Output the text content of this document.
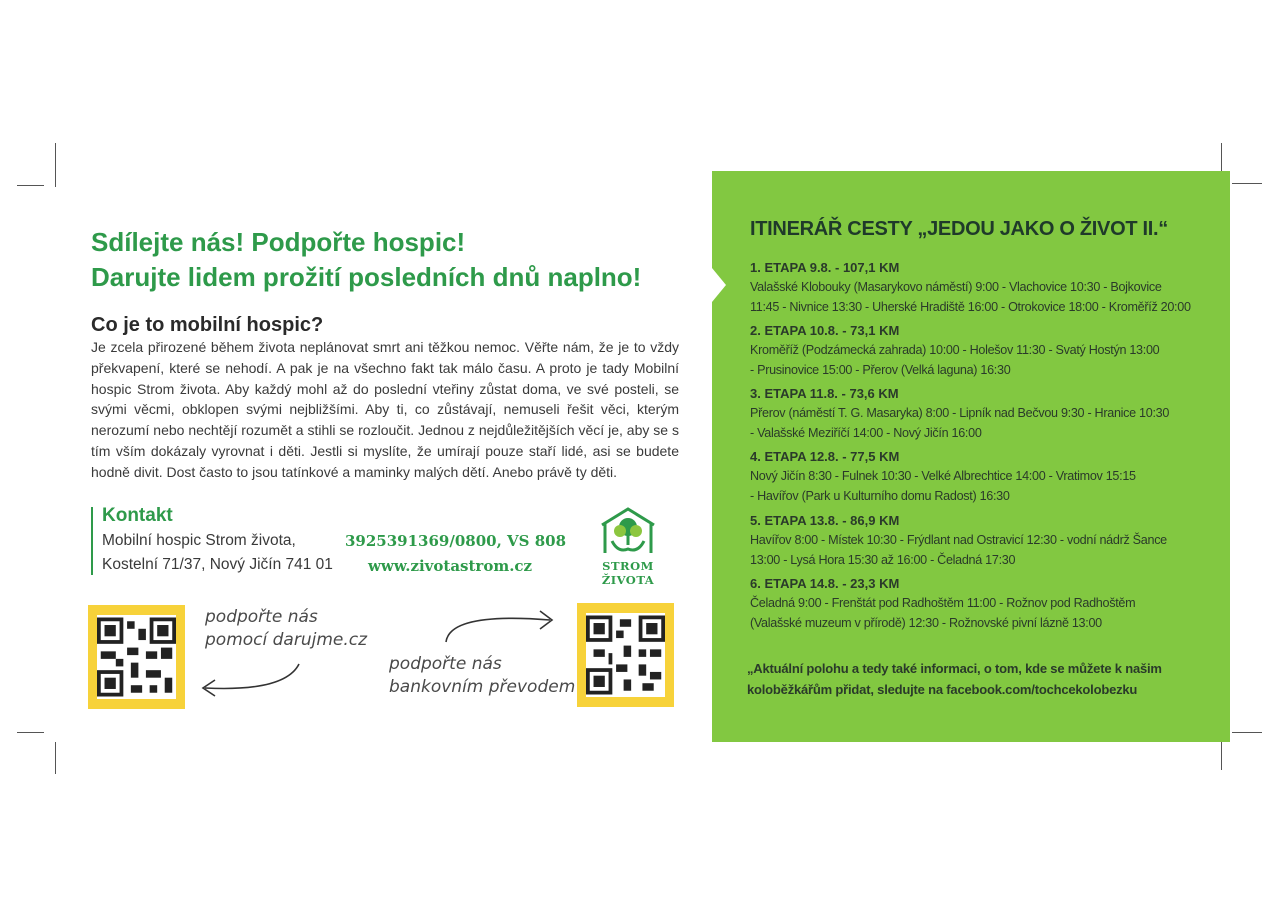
Sdílejte nás! Podpořte hospic!
Darujte lidem prožití posledních dnů naplno!
Co je to mobilní hospic?
Je zcela přirozené během života neplánovat smrt ani těžkou nemoc. Věřte nám, že je to vždy překvapení, které se nehodí. A pak je na všechno fakt tak málo času. A proto je tady Mobilní hospic Strom života. Aby každý mohl až do poslední vteřiny zůstat doma, ve své posteli, se svými věcmi, obklopen svými nejbližšími. Aby ti, co zůstávají, nemuseli řešit věci, kterým nerozumí nebo nechtějí rozumět a stihli se rozloučit. Jednou z nejdůležitějších věcí je, aby se s tím vším dokázaly vyrovnat i děti. Jestli si myslíte, že umírají pouze staří lidé, asi se budete hodně divit. Dost často to jsou tatínkové a maminky malých dětí. Anebo právě ty děti.
Kontakt
Mobilní hospic Strom života,
Kostelní 71/37, Nový Jičín 741 01
3925391369/0800, VS 808
www.zivotastrom.cz	STROM ŽIVOTA
podpořte nás
pomocí darujme.cz
podpořte nás
bankovním převodem
ITINERÁŘ CESTY „JEDOU JAKO O ŽIVOT II.“
1. ETAPA 9.8. - 107,1 KM
Valašské Klobouky (Masarykovo náměstí) 9:00 - Vlachovice 10:30 - Bojkovice
11:45 - Nivnice 13:30 - Uherské Hradiště 16:00 - Otrokovice 18:00 - Kroměříž 20:00
2. ETAPA 10.8. - 73,1 KM
Kroměříž (Podzámecká zahrada) 10:00 - Holešov 11:30 - Svatý Hostýn 13:00
- Prusinovice 15:00 - Přerov (Velká laguna) 16:30
3. ETAPA 11.8. - 73,6 KM
Přerov (náměstí T. G. Masaryka) 8:00 - Lipník nad Bečvou 9:30 - Hranice 10:30
- Valašské Meziříčí 14:00 - Nový Jičín 16:00
4. ETAPA 12.8. - 77,5 KM
Nový Jičín 8:30 - Fulnek 10:30 - Velké Albrechtice 14:00 - Vratimov 15:15
- Havířov (Park u Kulturního domu Radost) 16:30
5. ETAPA 13.8. - 86,9 KM
Havířov 8:00 - Místek 10:30 - Frýdlant nad Ostravicí 12:30 - vodní nádrž Šance
13:00 - Lysá Hora 15:30 až 16:00 - Čeladná 17:30
6. ETAPA 14.8. - 23,3 KM
Čeladná 9:00 - Frenštát pod Radhoštěm 11:00 - Rožnov pod Radhoštěm
(Valašské muzeum v přírodě) 12:30 - Rožnovské pivní lázně 13:00
„Aktuální polohu a tedy také informaci, o tom, kde se můžete k našim
koloběžkářům přidat, sledujte na facebook.com/tochcekolobezku
